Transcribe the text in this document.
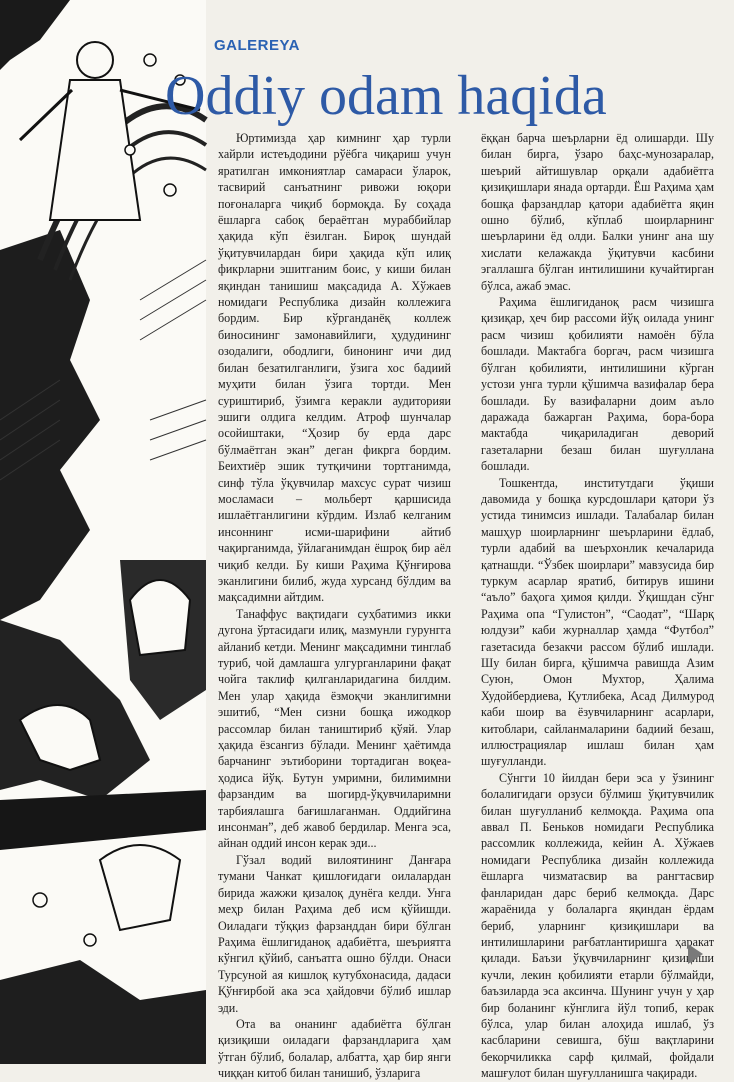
GALEREYA
Oddiy odam haqida

Юртимизда ҳар кимнинг ҳар турли хайрли истеъдодини рўёбга чиқариш учун яратилган имкониятлар самараси ўларок, тасвирий санъатнинг ривожи юқори поғоналарга чиқиб бормоқда. Бу соҳада ёшларга сабоқ бераётган мураббийлар ҳақида кўп ёзилган. Бироқ шундай ўқитувчилардан бири ҳақида кўп илиқ фикрларни эшитганим боис, у киши билан яқиндан танишиш мақсадида А. Хўжаев номидаги Республика дизайн коллежига бордим. Бир кўрганданёқ коллеж биносининг замонавийлиги, ҳудудининг озодалиги, ободлиги, бинонинг ичи дид билан безатилганлиги, ўзига хос бадиий муҳити билан ўзига тортди. Мен суриштириб, ўзимга керакли аудиторияи эшиги олдига келдим. Атроф шунчалар осойиштаки, “Ҳозир бу ерда дарс бўлмаётган экан” деган фикрга бордим. Беихтиёр эшик тутқичини тортганимда, синф тўла ўқувчилар махсус сурат чизиш мосламаси – мольберт қаршисида ишлаётганлигини кўрдим. Излаб келганим инсоннинг исми-шарифини айтиб чақирганимда, ўйлаганимдан ёшроқ бир аёл чиқиб келди. Бу киши Раҳима Қўнғирова эканлигини билиб, жуда хурсанд бўлдим ва мақсадимни айтдим.

Танаффус вақтидаги суҳбатимиз икки дугона ўртасидаги илиқ, мазмунли гурунгга айланиб кетди. Менинг мақсадимни тинглаб туриб, чой дамлашга улгурганларини фақат чойга таклиф қилганларидагина билдим. Мен улар ҳақида ёзмоқчи эканлигимни эшитиб, “Мен сизни бошқа ижодкор рассомлар билан таништириб қўяй. Улар ҳақида ёзсангиз бўлади. Менинг ҳаётимда барчанинг эътиборини тортадиган воқеа-ҳодиса йўқ. Бутун умримни, билимимни фарзандим ва шогирд-ўқувчиларимни тарбиялашга бағишлаганман. Оддийгина инсонман”, деб жавоб бердилар. Менга эса, айнан оддий инсон керак эди...

Гўзал водий вилоятининг Данғара тумани Чанкат қишлоғидаги оилалардан бирида жажжи қизалоқ дунёга келди. Унга меҳр билан Раҳима деб исм қўйишди. Оиладаги тўққиз фарзанддан бири бўлган Раҳима ёшлигиданоқ адабиётга, шеъриятга кўнгил қўйиб, санъатга ошно бўлди. Онаси Турсуной ая кишлоқ кутубхонасида, дадаси Қўнғирбой ака эса ҳайдовчи бўлиб ишлар эди.

Ота ва онанинг адабиётга бўлган қизиқиши оиладаги фарзандларига ҳам ўтган бўлиб, болалар, албатта, ҳар бир янги чиққан китоб билан танишиб, ўзларига

ёққан барча шеърларни ёд олишарди. Шу билан бирга, ўзаро баҳс-мунозаралар, шеърий айтишувлар орқали адабиётга қизиқишлари янада ортарди. Ёш Раҳима ҳам бошқа фарзандлар қатори адабиётга яқин ошно бўлиб, кўплаб шоирларнинг шеърларини ёд олди. Балки унинг ана шу хислати келажакда ўқитувчи касбини эгаллашга бўлган интилишини кучайтирган бўлса, ажаб эмас.

Раҳима ёшлигиданоқ расм чизишга қизиқар, ҳеч бир рассоми йўқ оилада унинг расм чизиш қобилияти намоён бўла бошлади. Мактабга боргач, расм чизишга бўлган қобилияти, интилишини кўрган устози унга турли қўшимча вазифалар бера бошлади. Бу вазифаларни доим аъло даражада бажарган Раҳима, бора-бора мактабда чиқариладиган деворий газеталарни безаш билан шуғуллана бошлади.

Тошкентда, институтдаги ўқиши давомида у бошқа курсдошлари қатори ўз устида тинимсиз ишлади. Талабалар билан машҳур шоирларнинг шеърларини ёдлаб, турли адабий ва шеърхонлик кечаларида қатнашди. “Ўзбек шоирлари” мавзусида бир туркум асарлар яратиб, битирув ишини “аъло” баҳога ҳимоя қилди. Ўқишдан сўнг Раҳима опа “Гулистон”, “Саодат”, “Шарқ юлдузи” каби журналлар ҳамда “Футбол” газетасида безакчи рассом бўлиб ишлади. Шу билан бирга, қўшимча равишда Азим Суюн, Омон Мухтор, Ҳалима Худойбердиева, Қутлибека, Асад Дилмурод каби шоир ва ёзувчиларнинг асарлари, китоблари, сайланмаларини бадиий безаш, иллюстрациялар ишлаш билан ҳам шуғулланди.

Сўнгги 10 йилдан бери эса у ўзининг болалигидаги орзуси бўлмиш ўқитувчилик билан шуғулланиб келмоқда. Раҳима опа аввал П. Беньков номидаги Республика рассомлик коллежида, кейин А. Хўжаев номидаги Республика дизайн коллежида ёшларга чизматасвир ва рангтасвир фанларидан дарс бериб келмоқда. Дарс жараёнида у болаларга яқиндан ёрдам бериб, уларнинг қизиқишлари ва интилишларини рағбатлантиришга ҳаракат қилади. Баъзи ўқувчиларнинг қизиқиши кучли, лекин қобилияти етарли бўлмайди, баъзиларда эса аксинча. Шунинг учун у ҳар бир боланинг кўнглига йўл топиб, керак бўлса, улар билан алоҳида ишлаб, ўз касбларини севишга, бўш вақтларини бекорчиликка сарф қилмай, фойдали машғулот билан шуғулланишга чақиради.
